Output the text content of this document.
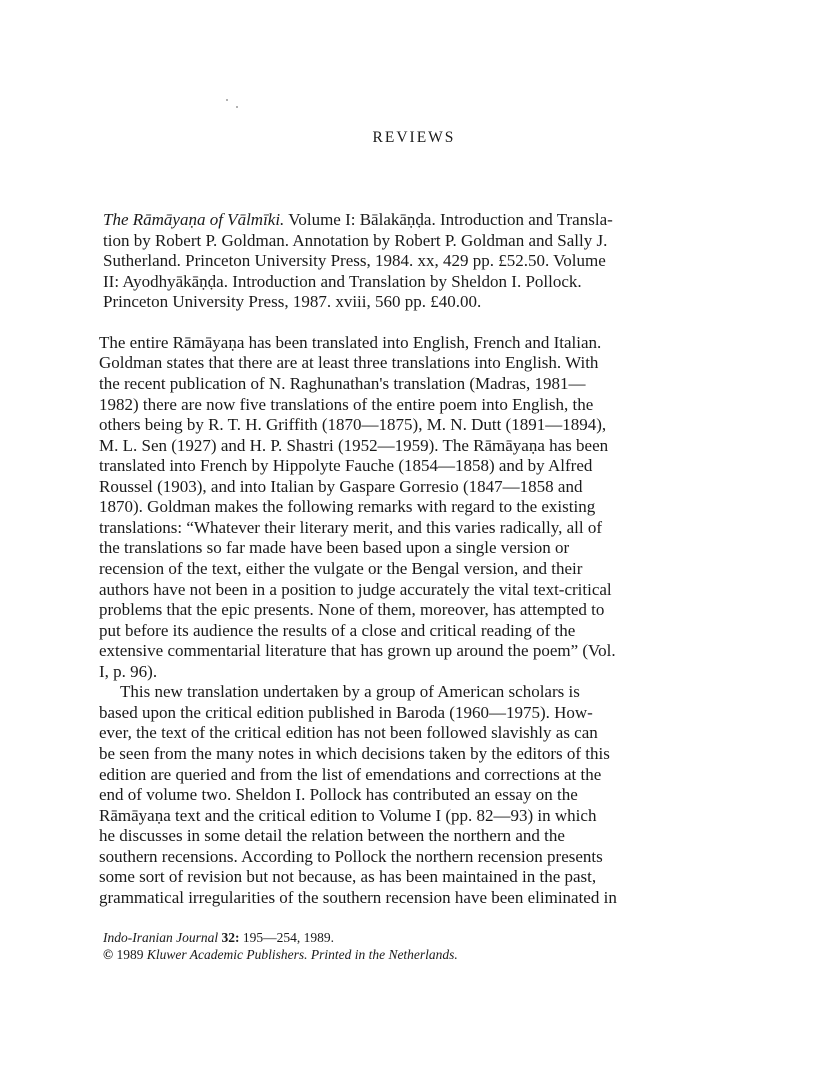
REVIEWS
The Rāmāyaṇa of Vālmīki. Volume I: Bālakāṇḍa. Introduction and Transla-
tion by Robert P. Goldman. Annotation by Robert P. Goldman and Sally J.
Sutherland. Princeton University Press, 1984. xx, 429 pp. £52.50. Volume
II: Ayodhyākāṇḍa. Introduction and Translation by Sheldon I. Pollock.
Princeton University Press, 1987. xviii, 560 pp. £40.00.
The entire Rāmāyaṇa has been translated into English, French and Italian.
Goldman states that there are at least three translations into English. With
the recent publication of N. Raghunathan's translation (Madras, 1981—
1982) there are now five translations of the entire poem into English, the
others being by R. T. H. Griffith (1870—1875), M. N. Dutt (1891—1894),
M. L. Sen (1927) and H. P. Shastri (1952—1959). The Rāmāyaṇa has been
translated into French by Hippolyte Fauche (1854—1858) and by Alfred
Roussel (1903), and into Italian by Gaspare Gorresio (1847—1858 and
1870). Goldman makes the following remarks with regard to the existing
translations: “Whatever their literary merit, and this varies radically, all of
the translations so far made have been based upon a single version or
recension of the text, either the vulgate or the Bengal version, and their
authors have not been in a position to judge accurately the vital text-critical
problems that the epic presents. None of them, moreover, has attempted to
put before its audience the results of a close and critical reading of the
extensive commentarial literature that has grown up around the poem” (Vol.
I, p. 96).
This new translation undertaken by a group of American scholars is
based upon the critical edition published in Baroda (1960—1975). How-
ever, the text of the critical edition has not been followed slavishly as can
be seen from the many notes in which decisions taken by the editors of this
edition are queried and from the list of emendations and corrections at the
end of volume two. Sheldon I. Pollock has contributed an essay on the
Rāmāyaṇa text and the critical edition to Volume I (pp. 82—93) in which
he discusses in some detail the relation between the northern and the
southern recensions. According to Pollock the northern recension presents
some sort of revision but not because, as has been maintained in the past,
grammatical irregularities of the southern recension have been eliminated in
Indo-Iranian Journal 32: 195—254, 1989.
© 1989 Kluwer Academic Publishers. Printed in the Netherlands.
